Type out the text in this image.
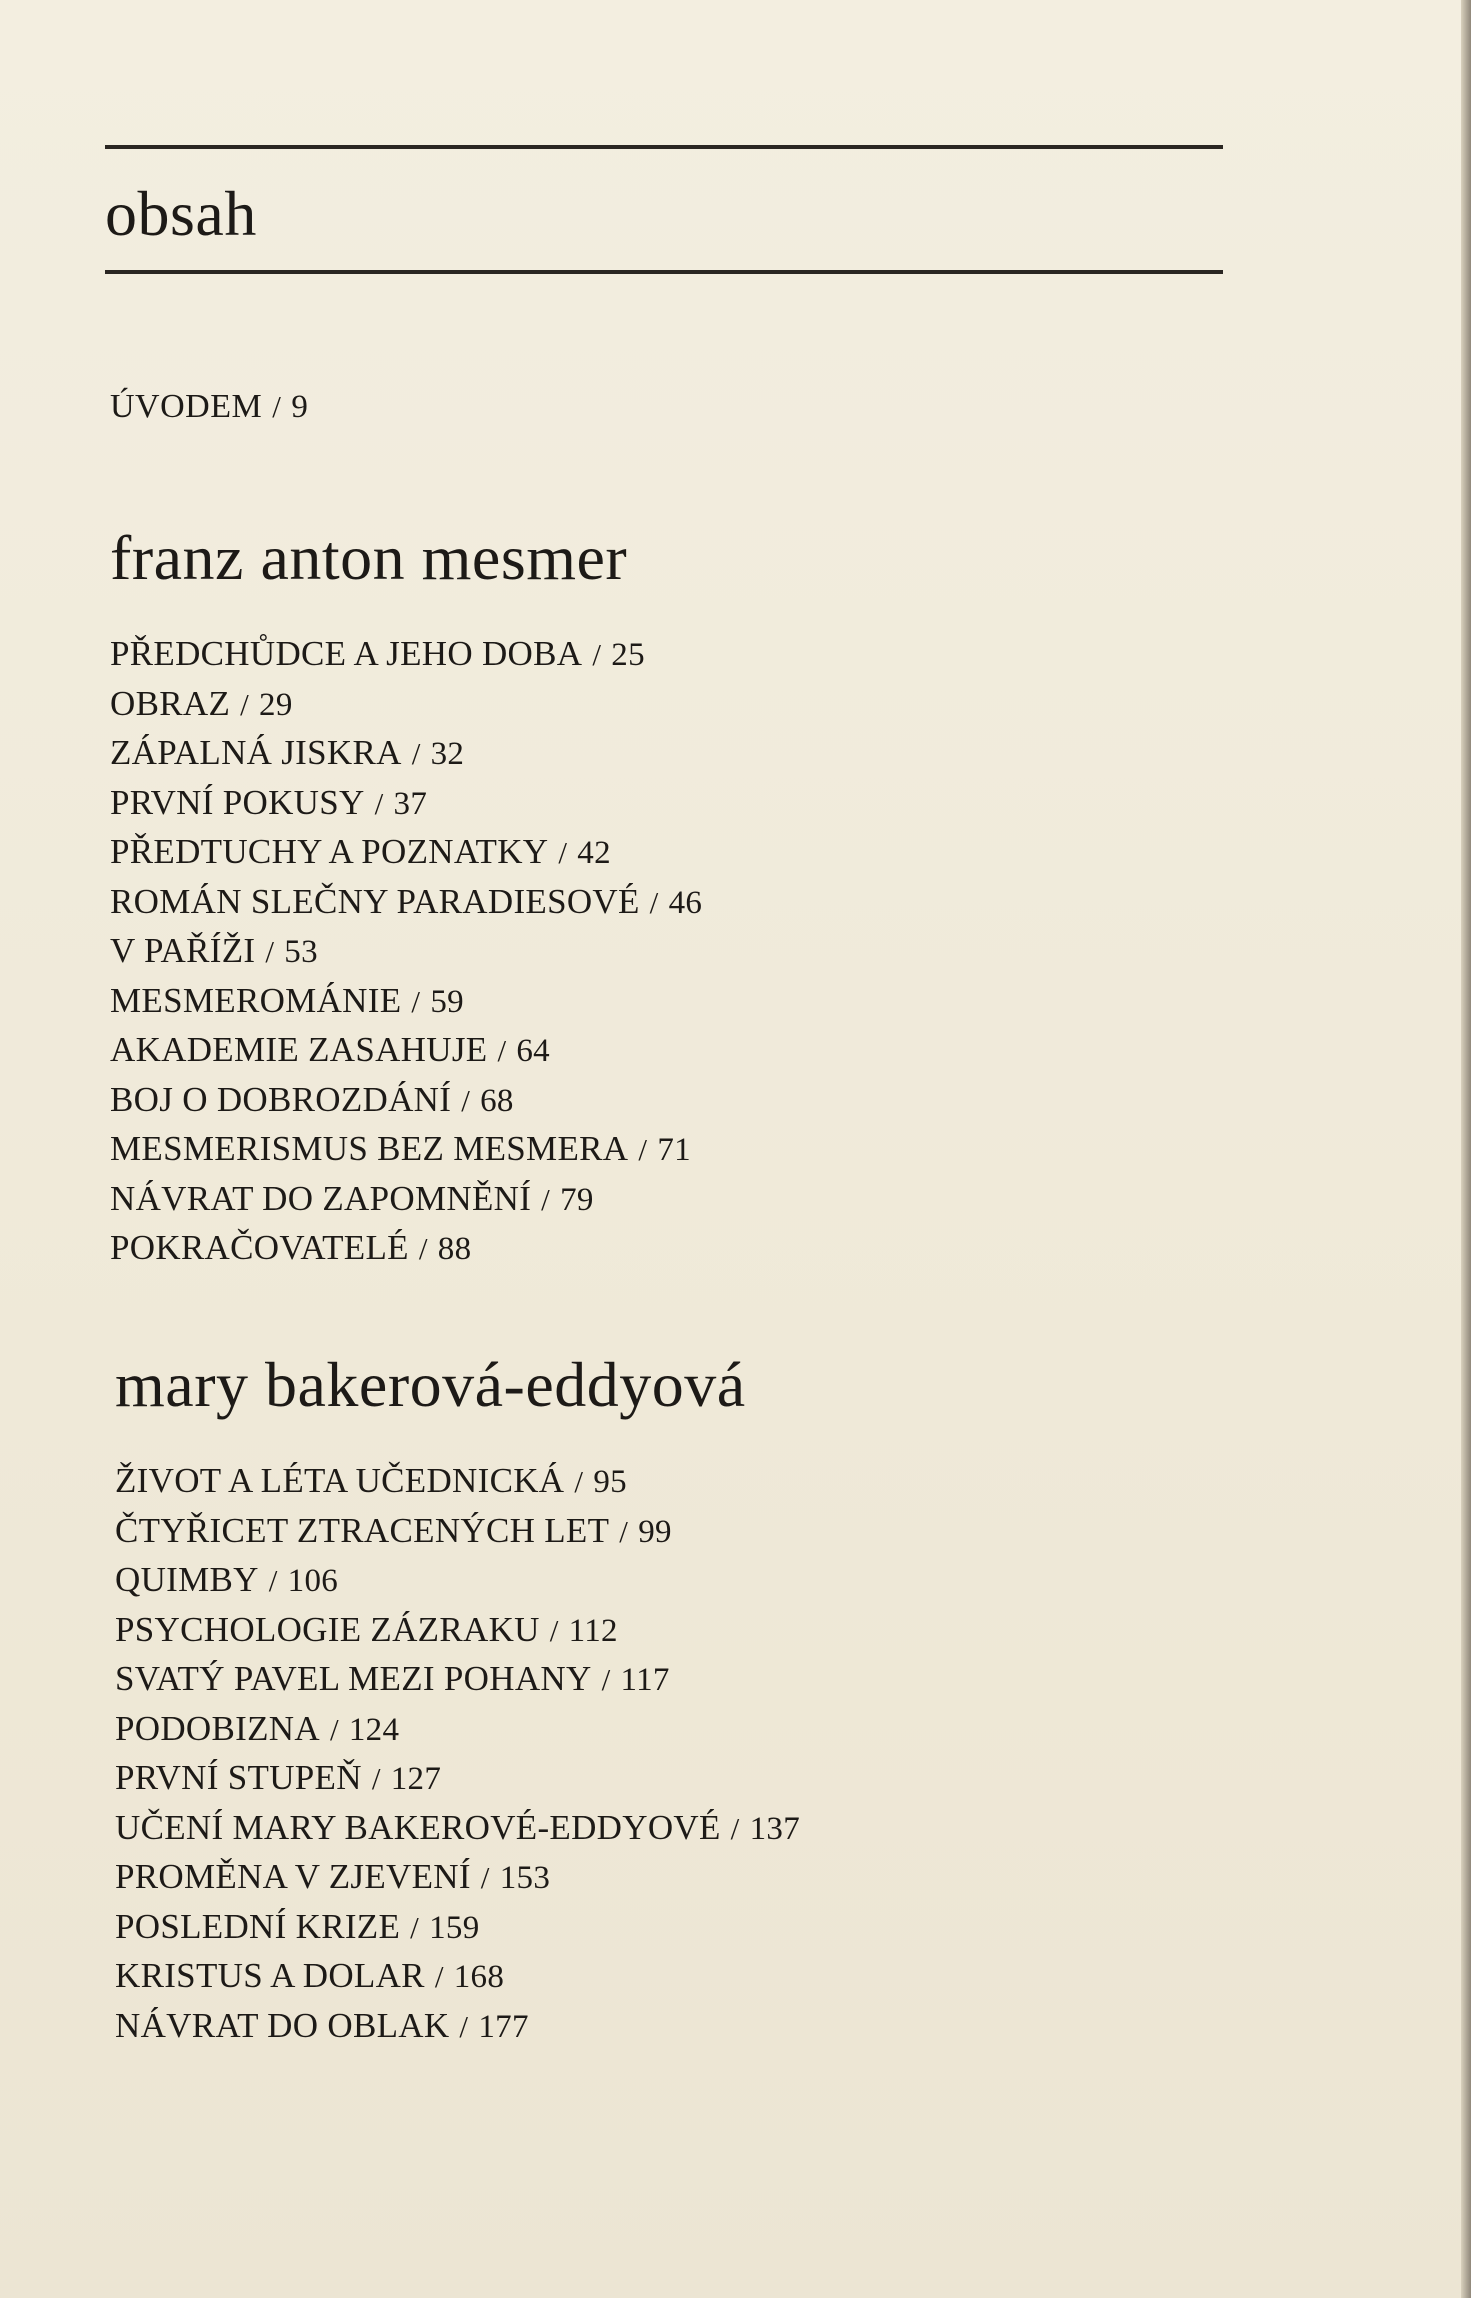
obsah
ÚVODEM / 9
franz anton mesmer
PŘEDCHŮDCE A JEHO DOBA / 25
OBRAZ / 29
ZÁPALNÁ JISKRA / 32
PRVNÍ POKUSY / 37
PŘEDTUCHY A POZNATKY / 42
ROMÁN SLEČNY PARADIESOVÉ / 46
V PAŘÍŽI / 53
MESMEROMÁNIE / 59
AKADEMIE ZASAHUJE / 64
BOJ O DOBROZDÁNÍ / 68
MESMERISMUS BEZ MESMERA / 71
NÁVRAT DO ZAPOMNĚNÍ / 79
POKRAČOVATELÉ / 88
mary bakerová-eddyová
ŽIVOT A LÉTA UČEDNICKÁ / 95
ČTYŘICET ZTRACENÝCH LET / 99
QUIMBY / 106
PSYCHOLOGIE ZÁZRAKU / 112
SVATÝ PAVEL MEZI POHANY / 117
PODOBIZNA / 124
PRVNÍ STUPEŇ / 127
UČENÍ MARY BAKEROVÉ-EDDYOVÉ / 137
PROMĚNA V ZJEVENÍ / 153
POSLEDNÍ KRIZE / 159
KRISTUS A DOLAR / 168
NÁVRAT DO OBLAK / 177
